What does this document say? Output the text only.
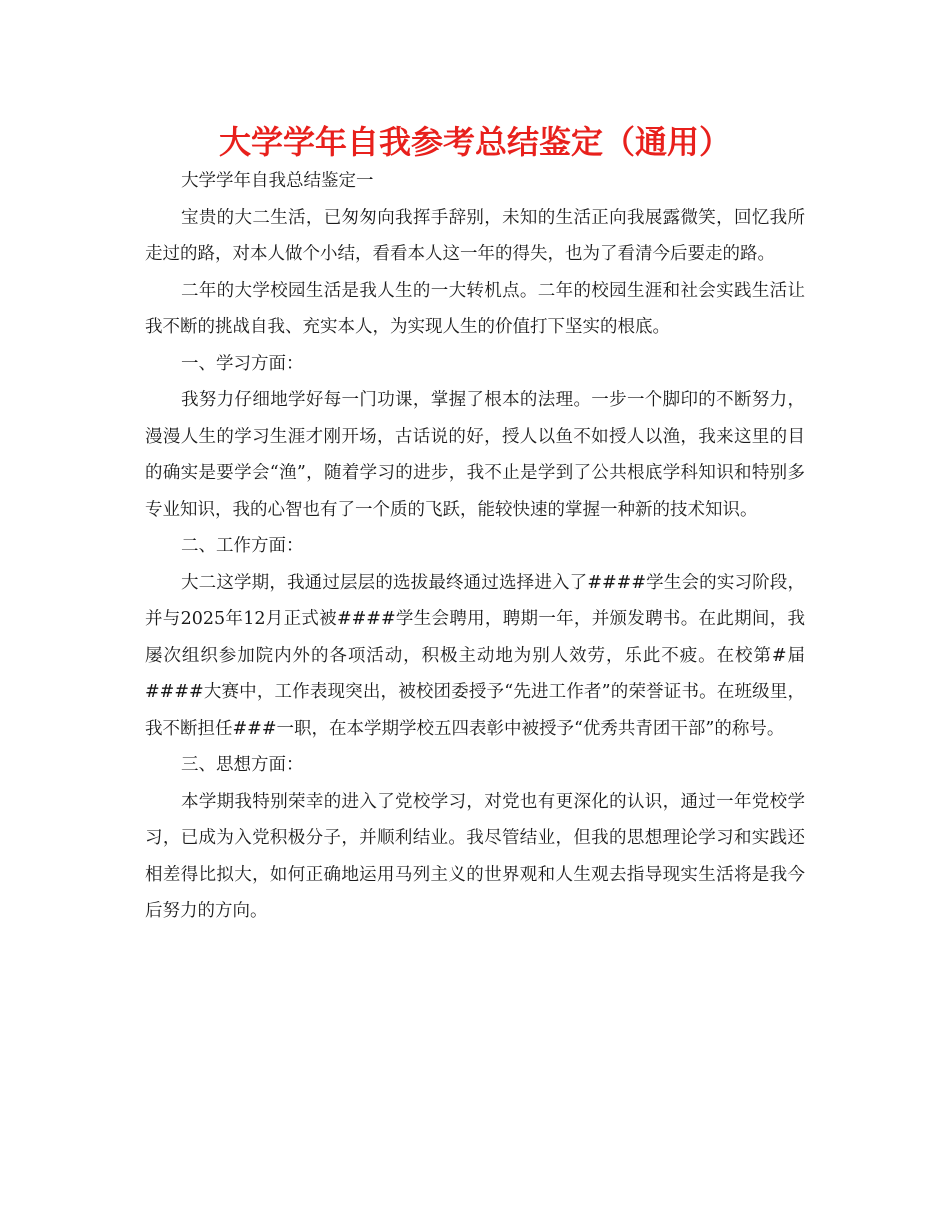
大学学年自我参考总结鉴定（通用）

大学学年自我总结鉴定一

宝贵的大二生活，已匆匆向我挥手辞别，未知的生活正向我展露微笑，回忆我所走过的路，对本人做个小结，看看本人这一年的得失，也为了看清今后要走的路。

二年的大学校园生活是我人生的一大转机点。二年的校园生涯和社会实践生活让我不断的挑战自我、充实本人，为实现人生的价值打下坚实的根底。

一、学习方面：

我努力仔细地学好每一门功课，掌握了根本的法理。一步一个脚印的不断努力，漫漫人生的学习生涯才刚开场，古话说的好，授人以鱼不如授人以渔，我来这里的目的确实是要学会“渔”，随着学习的进步，我不止是学到了公共根底学科知识和特别多专业知识，我的心智也有了一个质的飞跃，能较快速的掌握一种新的技术知识。

二、工作方面：

大二这学期，我通过层层的选拔最终通过选择进入了####学生会的实习阶段，并与2025年12月正式被####学生会聘用，聘期一年，并颁发聘书。在此期间，我屡次组织参加院内外的各项活动，积极主动地为别人效劳，乐此不疲。在校第#届####大赛中，工作表现突出，被校团委授予“先进工作者”的荣誉证书。在班级里，我不断担任###一职，在本学期学校五四表彰中被授予“优秀共青团干部”的称号。

三、思想方面：

本学期我特别荣幸的进入了党校学习，对党也有更深化的认识，通过一年党校学习，已成为入党积极分子，并顺利结业。我尽管结业，但我的思想理论学习和实践还相差得比拟大，如何正确地运用马列主义的世界观和人生观去指导现实生活将是我今后努力的方向。
